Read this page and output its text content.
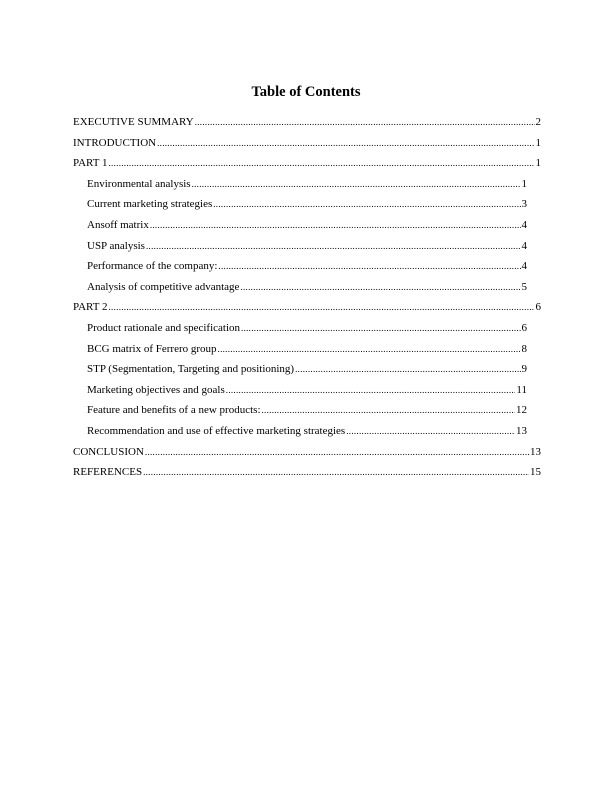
Table of Contents
EXECUTIVE SUMMARY .....	2
INTRODUCTION .....	1
PART 1 .....	1
Environmental analysis .....	1
Current marketing strategies .....	3
Ansoff matrix .....	4
USP analysis .....	4
Performance of the company: .....	4
Analysis of competitive advantage .....	5
PART 2 .....	6
Product rationale and specification .....	6
BCG matrix of Ferrero group .....	8
STP (Segmentation, Targeting and positioning) .....	9
Marketing objectives and goals .....	11
Feature and benefits of a new products: .....	12
Recommendation and use of effective marketing strategies .....	13
CONCLUSION .....	13
REFERENCES .....	15
